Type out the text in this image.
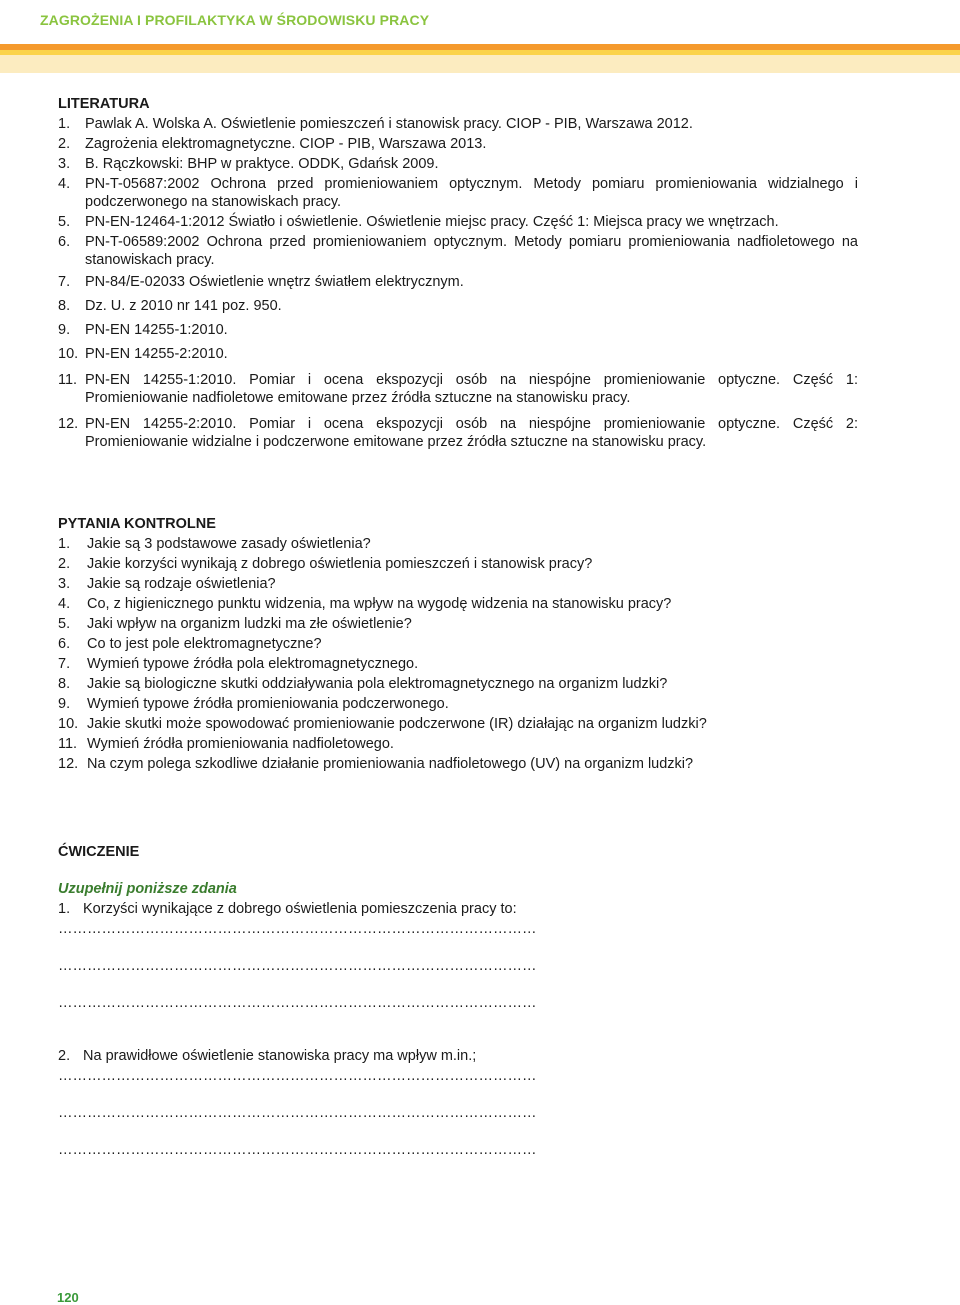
ZAGROŻENIA I PROFILAKTYKA W ŚRODOWISKU PRACY
LITERATURA
1.	Pawlak A. Wolska A. Oświetlenie pomieszczeń i stanowisk pracy. CIOP - PIB, Warszawa 2012.
2.	Zagrożenia elektromagnetyczne. CIOP - PIB, Warszawa 2013.
3.	B. Rączkowski: BHP w praktyce. ODDK, Gdańsk 2009.
4.	PN-T-05687:2002 Ochrona przed promieniowaniem optycznym. Metody pomiaru promieniowania widzialnego i podczerwonego na stanowiskach pracy.
5.	PN-EN-12464-1:2012 Światło i oświetlenie. Oświetlenie miejsc pracy. Część 1: Miejsca pracy we wnętrzach.
6.	PN-T-06589:2002 Ochrona przed promieniowaniem optycznym. Metody pomiaru promieniowania nadfioletowego na stanowiskach pracy.
7.	PN-84/E-02033 Oświetlenie wnętrz światłem elektrycznym.
8.	Dz. U. z 2010 nr 141 poz. 950.
9.	PN-EN 14255-1:2010.
10. PN-EN 14255-2:2010.
11. PN-EN 14255-1:2010. Pomiar i ocena ekspozycji osób na niespójne promieniowanie optyczne. Część 1: Promieniowanie nadfioletowe emitowane przez źródła sztuczne na stanowisku pracy.
12. PN-EN 14255-2:2010. Pomiar i ocena ekspozycji osób na niespójne promieniowanie optyczne. Część 2: Promieniowanie widzialne i podczerwone emitowane przez źródła sztuczne na stanowisku pracy.
PYTANIA KONTROLNE
1.	Jakie są 3 podstawowe zasady oświetlenia?
2.	Jakie korzyści wynikają z dobrego oświetlenia pomieszczeń i stanowisk pracy?
3.	Jakie są rodzaje oświetlenia?
4.	Co, z higienicznego punktu widzenia, ma wpływ na wygodę widzenia na stanowisku pracy?
5.	Jaki wpływ na organizm ludzki ma złe oświetlenie?
6.	Co to jest pole elektromagnetyczne?
7.	Wymień typowe źródła pola elektromagnetycznego.
8.	Jakie są biologiczne skutki oddziaływania pola elektromagnetycznego na organizm ludzki?
9.	Wymień typowe źródła promieniowania podczerwonego.
10. Jakie skutki może spowodować promieniowanie podczerwone (IR) działając na organizm ludzki?
11. Wymień źródła promieniowania nadfioletowego.
12. Na czym polega szkodliwe działanie promieniowania nadfioletowego (UV) na organizm ludzki?
ĆWICZENIE
Uzupełnij poniższe zdania
1. Korzyści wynikające z dobrego oświetlenia pomieszczenia pracy to:
………………………………………………………………………………………
………………………………………………………………………………………
………………………………………………………………………………………
2. Na prawidłowe oświetlenie stanowiska pracy ma wpływ m.in.;
………………………………………………………………………………………
………………………………………………………………………………………
………………………………………………………………………………………
120
